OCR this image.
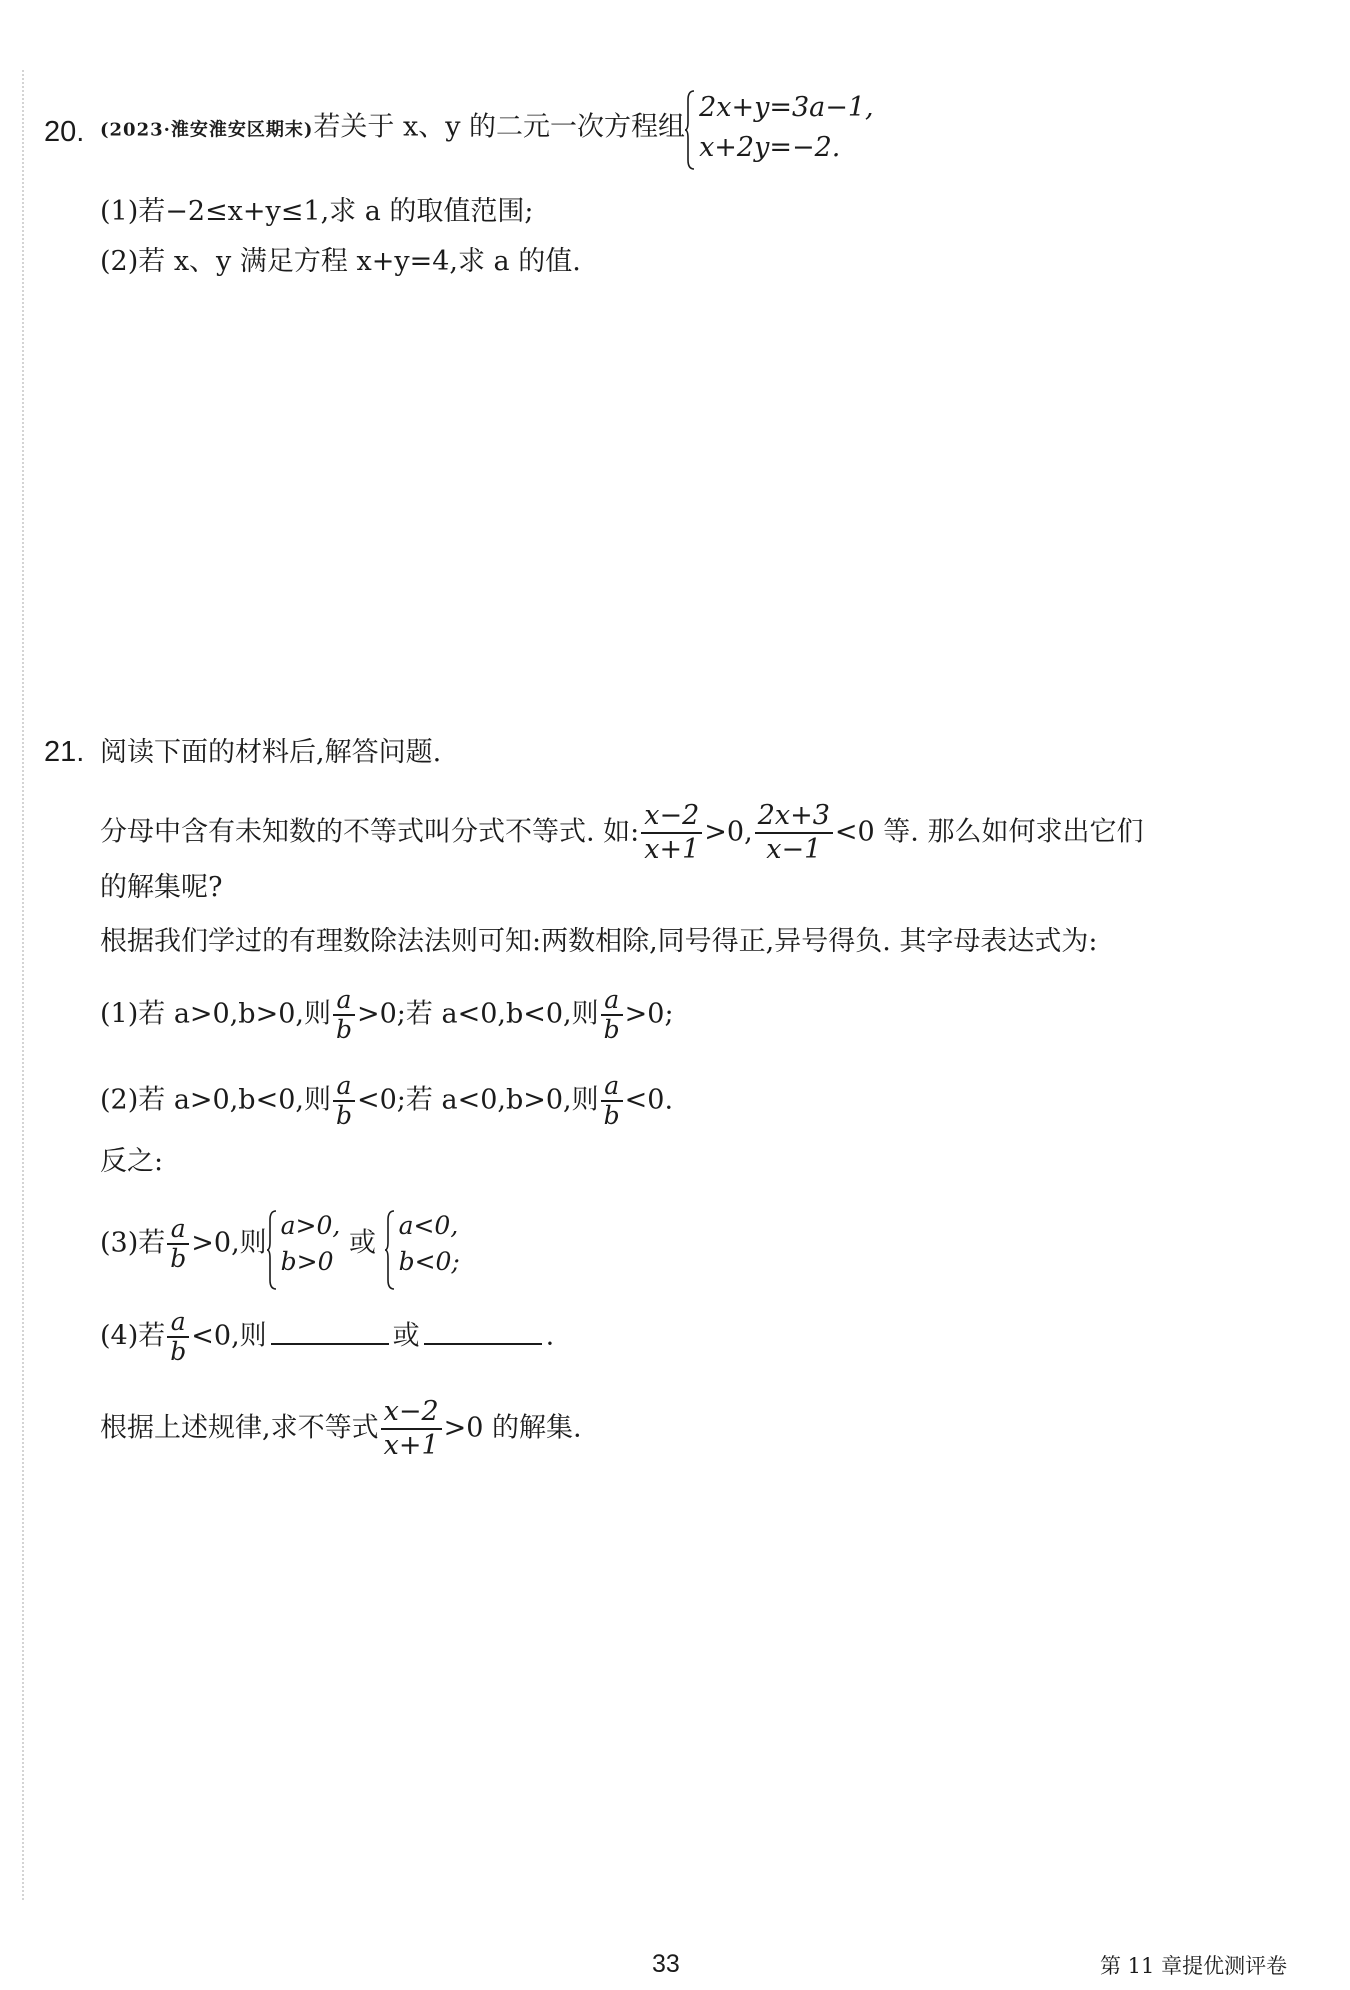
20. (2023·淮安淮安区期末)若关于 x、y 的二元一次方程组
2x+y=3a−1,
x+2y=−2.
(1)若−2≤x+y≤1,求 a 的取值范围;
(2)若 x、y 满足方程 x+y=4,求 a 的值.
21. 阅读下面的材料后,解答问题.
分母中含有未知数的不等式叫分式不等式. 如: $\frac{x-2}{x+1} >0$, $\frac{2x+3}{x-1} <0$ 等. 那么如何求出它们
的解集呢?
根据我们学过的有理数除法法则可知:两数相除,同号得正,异号得负. 其字母表达式为:
(1)若 a>0,b>0,则 $\frac{a}{b} >0$;若 a<0,b<0,则 $\frac{a}{b} >0$;
(2)若 a>0,b<0,则 $\frac{a}{b} <0$;若 a<0,b>0,则 $\frac{a}{b} <0$.
反之:
(3)若 $\frac{a}{b} >0$,则
a>0,
b>0
或
a<0,
b<0;
(4)若 $\frac{a}{b} <0$,则	或	.
根据上述规律,求不等式 $\frac{x-2}{x+1} >0$ 的解集.
33	第 11 章提优测评卷
